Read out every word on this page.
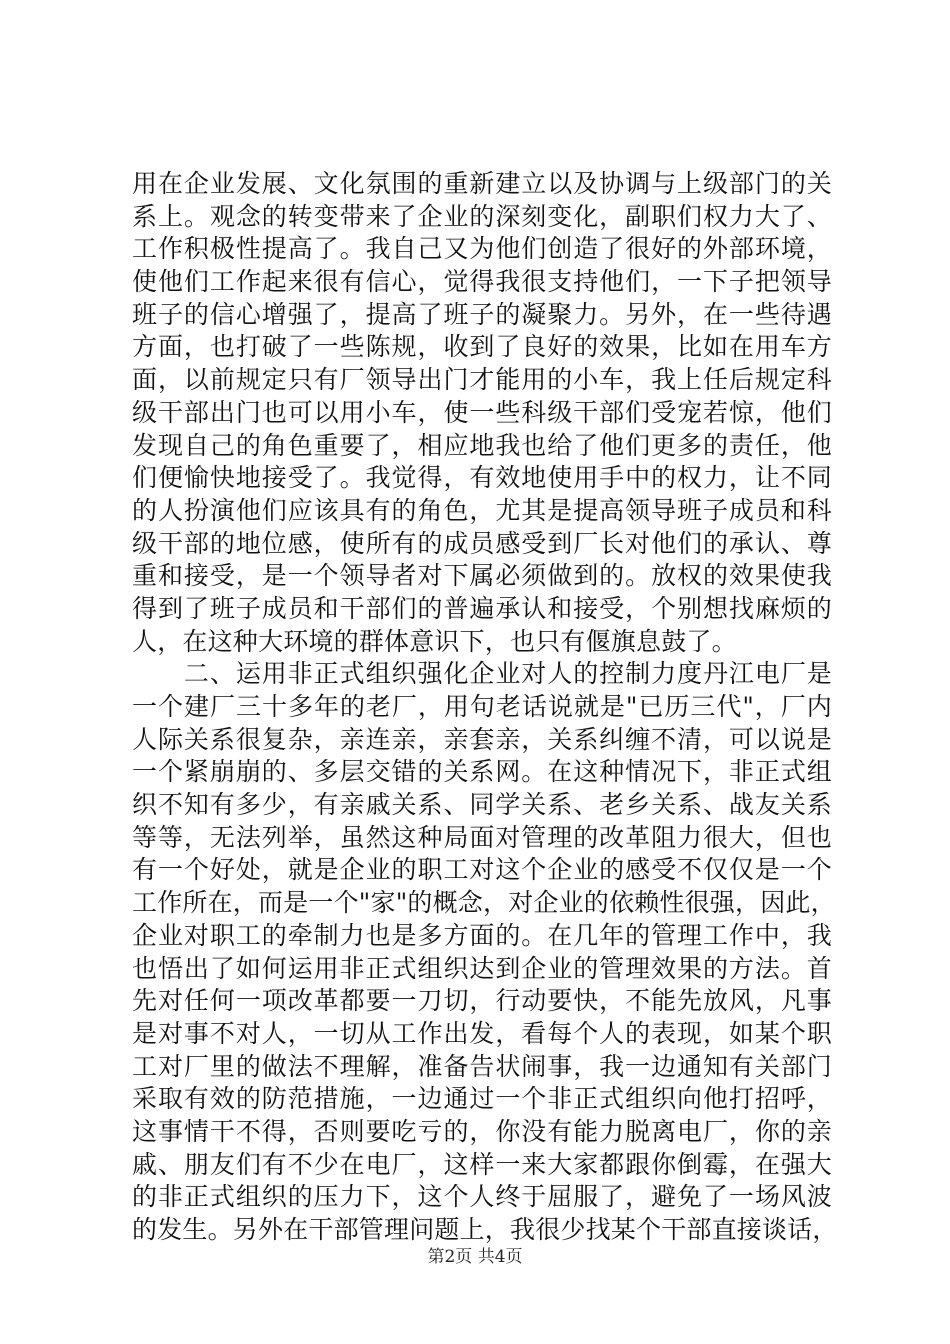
用在企业发展、文化氛围的重新建立以及协调与上级部门的关
系上。观念的转变带来了企业的深刻变化，副职们权力大了、
工作积极性提高了。我自己又为他们创造了很好的外部环境，
使他们工作起来很有信心，觉得我很支持他们，一下子把领导
班子的信心增强了，提高了班子的凝聚力。另外，在一些待遇
方面，也打破了一些陈规，收到了良好的效果，比如在用车方
面，以前规定只有厂领导出门才能用的小车，我上任后规定科
级干部出门也可以用小车，使一些科级干部们受宠若惊，他们
发现自己的角色重要了，相应地我也给了他们更多的责任，他
们便愉快地接受了。我觉得，有效地使用手中的权力，让不同
的人扮演他们应该具有的角色，尤其是提高领导班子成员和科
级干部的地位感，使所有的成员感受到厂长对他们的承认、尊
重和接受，是一个领导者对下属必须做到的。放权的效果使我
得到了班子成员和干部们的普遍承认和接受，个别想找麻烦的
人，在这种大环境的群体意识下，也只有偃旗息鼓了。
　　二、运用非正式组织强化企业对人的控制力度丹江电厂是
一个建厂三十多年的老厂，用句老话说就是"已历三代"，厂内
人际关系很复杂，亲连亲，亲套亲，关系纠缠不清，可以说是
一个紧崩崩的、多层交错的关系网。在这种情况下，非正式组
织不知有多少，有亲戚关系、同学关系、老乡关系、战友关系
等等，无法列举，虽然这种局面对管理的改革阻力很大，但也
有一个好处，就是企业的职工对这个企业的感受不仅仅是一个
工作所在，而是一个"家"的概念，对企业的依赖性很强，因此，
企业对职工的牵制力也是多方面的。在几年的管理工作中，我
也悟出了如何运用非正式组织达到企业的管理效果的方法。首
先对任何一项改革都要一刀切，行动要快，不能先放风，凡事
是对事不对人，一切从工作出发，看每个人的表现，如某个职
工对厂里的做法不理解，准备告状闹事，我一边通知有关部门
采取有效的防范措施，一边通过一个非正式组织向他打招呼，
这事情干不得，否则要吃亏的，你没有能力脱离电厂，你的亲
戚、朋友们有不少在电厂，这样一来大家都跟你倒霉，在强大
的非正式组织的压力下，这个人终于屈服了，避免了一场风波
的发生。另外在干部管理问题上，我很少找某个干部直接谈话，
第2页 共4页
